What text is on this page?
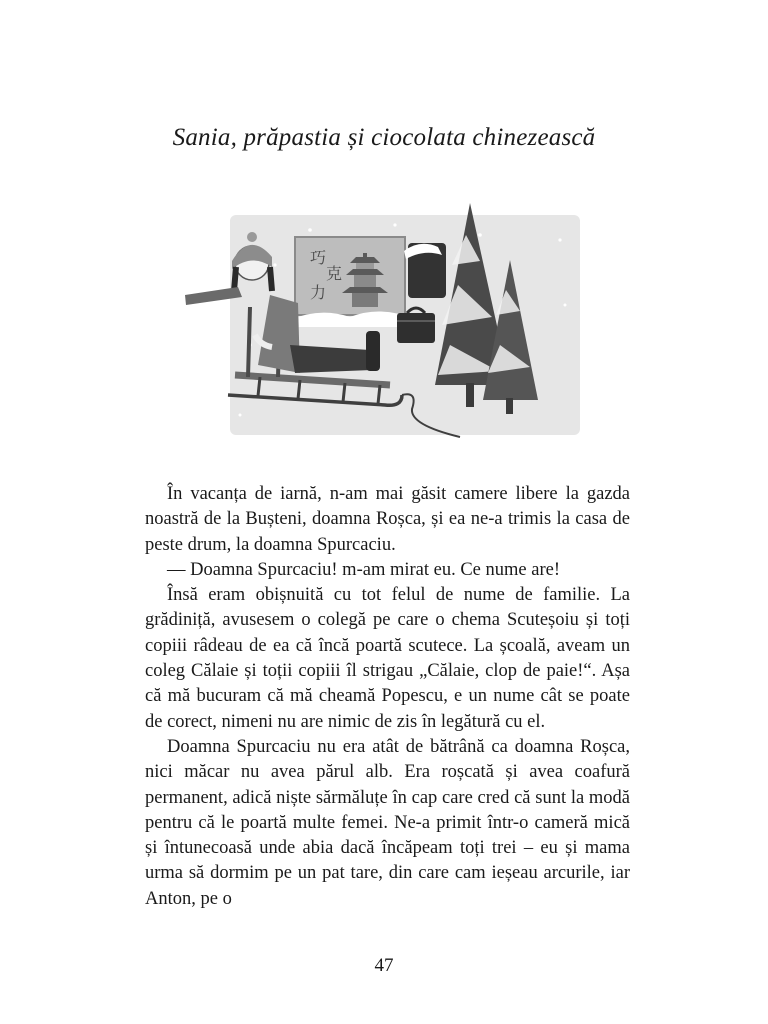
Sania, prăpastia și ciocolata chinezească
巧
克
力

În vacanța de iarnă, n-am mai găsit camere libere la gazda noastră de la Bușteni, doamna Roșca, și ea ne-a trimis la casa de peste drum, la doamna Spurcaciu.

— Doamna Spurcaciu! m-am mirat eu. Ce nume are!

Însă eram obișnuită cu tot felul de nume de familie. La grădiniță, avusesem o colegă pe care o chema Scuteșoiu și toți copiii râdeau de ea că încă poartă scutece. La școală, aveam un coleg Călaie și toții copiii îl strigau „Călaie, clop de paie!“. Așa că mă bucuram că mă cheamă Popescu, e un nume cât se poate de corect, nimeni nu are nimic de zis în legătură cu el.

Doamna Spurcaciu nu era atât de bătrână ca doamna Roșca, nici măcar nu avea părul alb. Era roșcată și avea coafură permanent, adică niște sărmăluțe în cap care cred că sunt la modă pentru că le poartă multe femei. Ne-a primit într-o cameră mică și întunecoasă unde abia dacă încăpeam toți trei – eu și mama urma să dormim pe un pat tare, din care cam ieșeau arcurile, iar Anton, pe o

47
